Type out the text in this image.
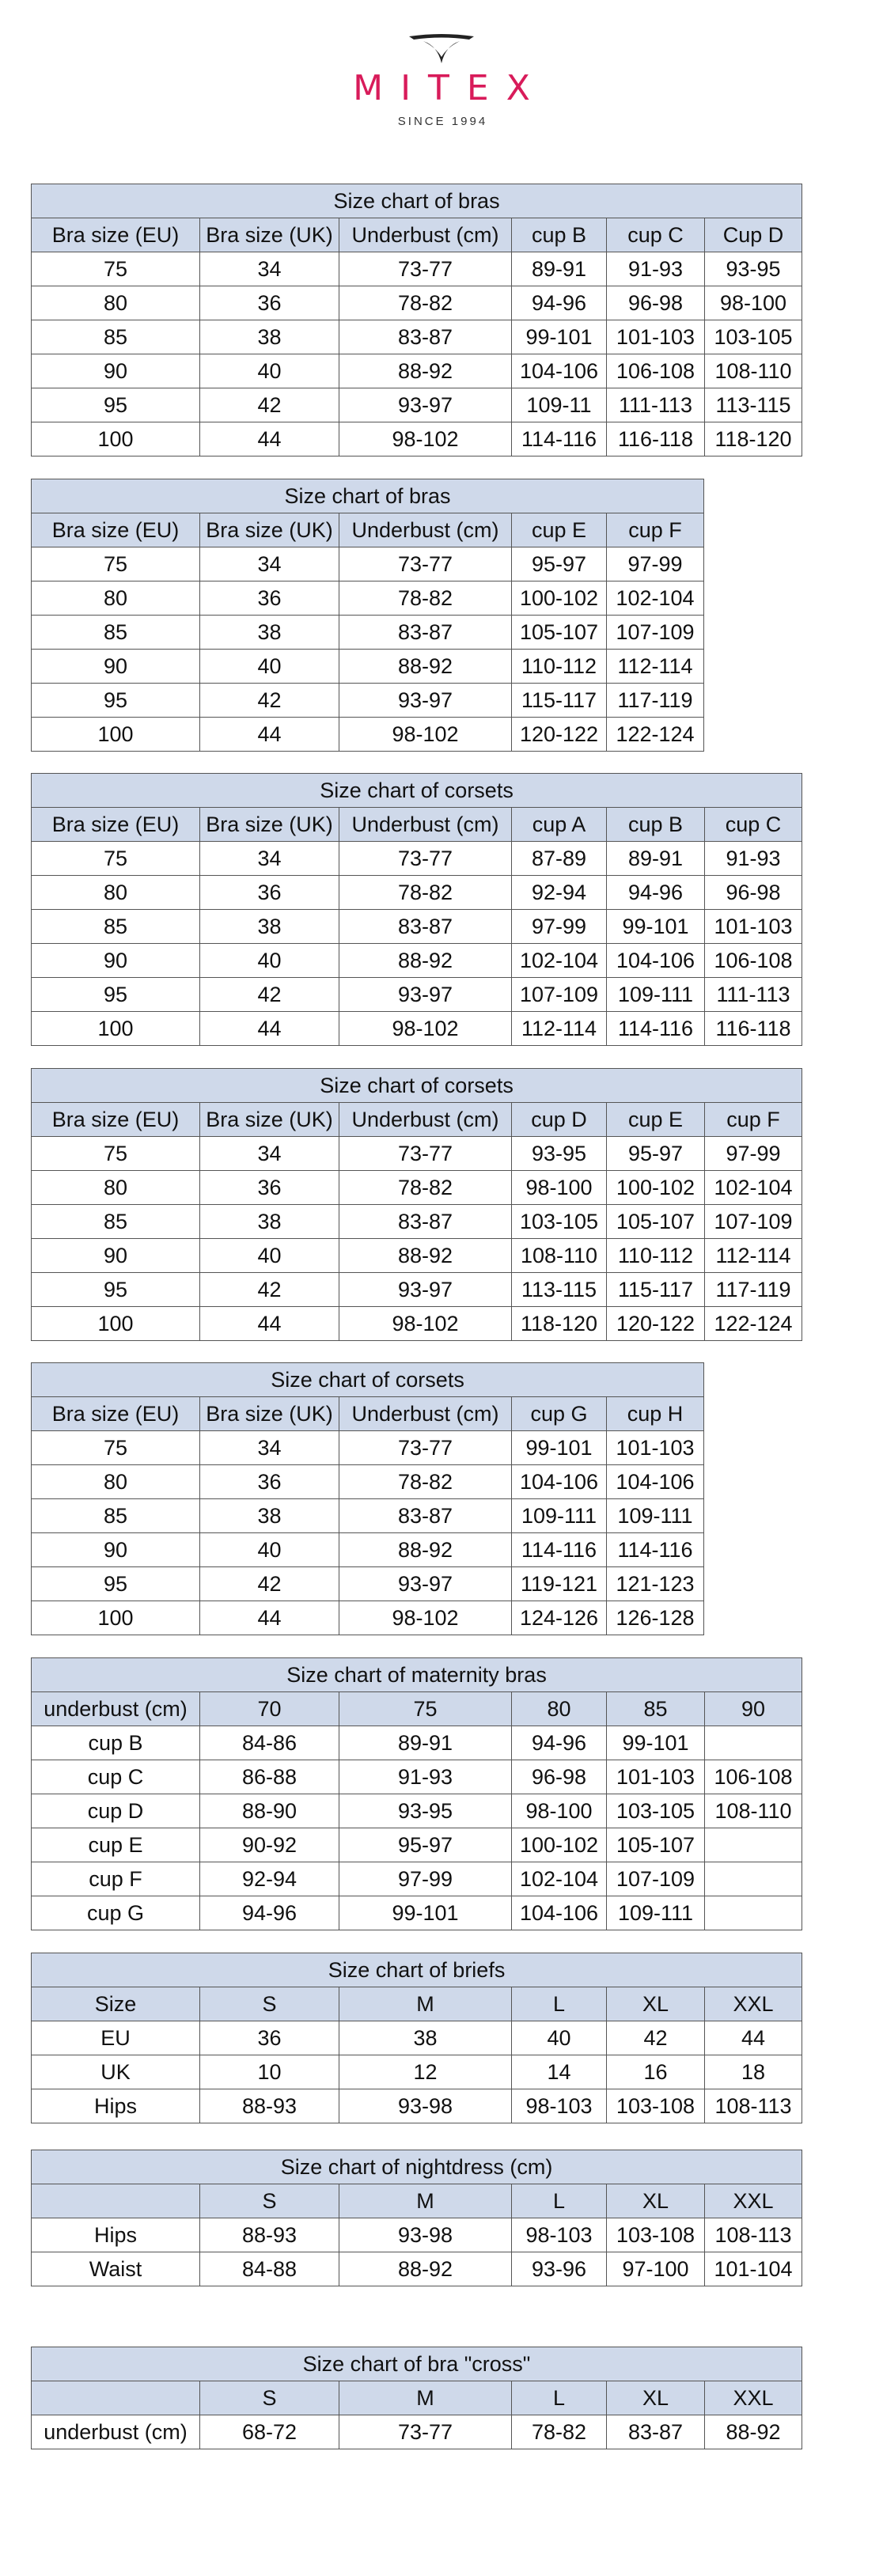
MITEX
SINCE 1994
Size chart of bras					
Bra size (EU)	Bra size (UK)	Underbust (cm)	cup B	cup C	Cup D
75	34	73-77	89-91	91-93	93-95
80	36	78-82	94-96	96-98	98-100
85	38	83-87	99-101	101-103	103-105
90	40	88-92	104-106	106-108	108-110
95	42	93-97	109-11	111-113	113-115
100	44	98-102	114-116	116-118	118-120
Size chart of bras				
Bra size (EU)	Bra size (UK)	Underbust (cm)	cup E	cup F
75	34	73-77	95-97	97-99
80	36	78-82	100-102	102-104
85	38	83-87	105-107	107-109
90	40	88-92	110-112	112-114
95	42	93-97	115-117	117-119
100	44	98-102	120-122	122-124
Size chart of corsets					
Bra size (EU)	Bra size (UK)	Underbust (cm)	cup A	cup B	cup C
75	34	73-77	87-89	89-91	91-93
80	36	78-82	92-94	94-96	96-98
85	38	83-87	97-99	99-101	101-103
90	40	88-92	102-104	104-106	106-108
95	42	93-97	107-109	109-111	111-113
100	44	98-102	112-114	114-116	116-118
Size chart of corsets					
Bra size (EU)	Bra size (UK)	Underbust (cm)	cup D	cup E	cup F
75	34	73-77	93-95	95-97	97-99
80	36	78-82	98-100	100-102	102-104
85	38	83-87	103-105	105-107	107-109
90	40	88-92	108-110	110-112	112-114
95	42	93-97	113-115	115-117	117-119
100	44	98-102	118-120	120-122	122-124
Size chart of corsets				
Bra size (EU)	Bra size (UK)	Underbust (cm)	cup G	cup H
75	34	73-77	99-101	101-103
80	36	78-82	104-106	104-106
85	38	83-87	109-111	109-111
90	40	88-92	114-116	114-116
95	42	93-97	119-121	121-123
100	44	98-102	124-126	126-128
Size chart of maternity bras					
underbust (cm)	70	75	80	85	90
cup B	84-86	89-91	94-96	99-101	
cup C	86-88	91-93	96-98	101-103	106-108
cup D	88-90	93-95	98-100	103-105	108-110
cup E	90-92	95-97	100-102	105-107	
cup F	92-94	97-99	102-104	107-109	
cup G	94-96	99-101	104-106	109-111	
Size chart of briefs					
Size	S	M	L	XL	XXL
EU	36	38	40	42	44
UK	10	12	14	16	18
Hips	88-93	93-98	98-103	103-108	108-113
Size chart of nightdress (cm)					
	S	M	L	XL	XXL
Hips	88-93	93-98	98-103	103-108	108-113
Waist	84-88	88-92	93-96	97-100	101-104
Size chart of bra "cross"					
	S	M	L	XL	XXL
underbust (cm)	68-72	73-77	78-82	83-87	88-92
